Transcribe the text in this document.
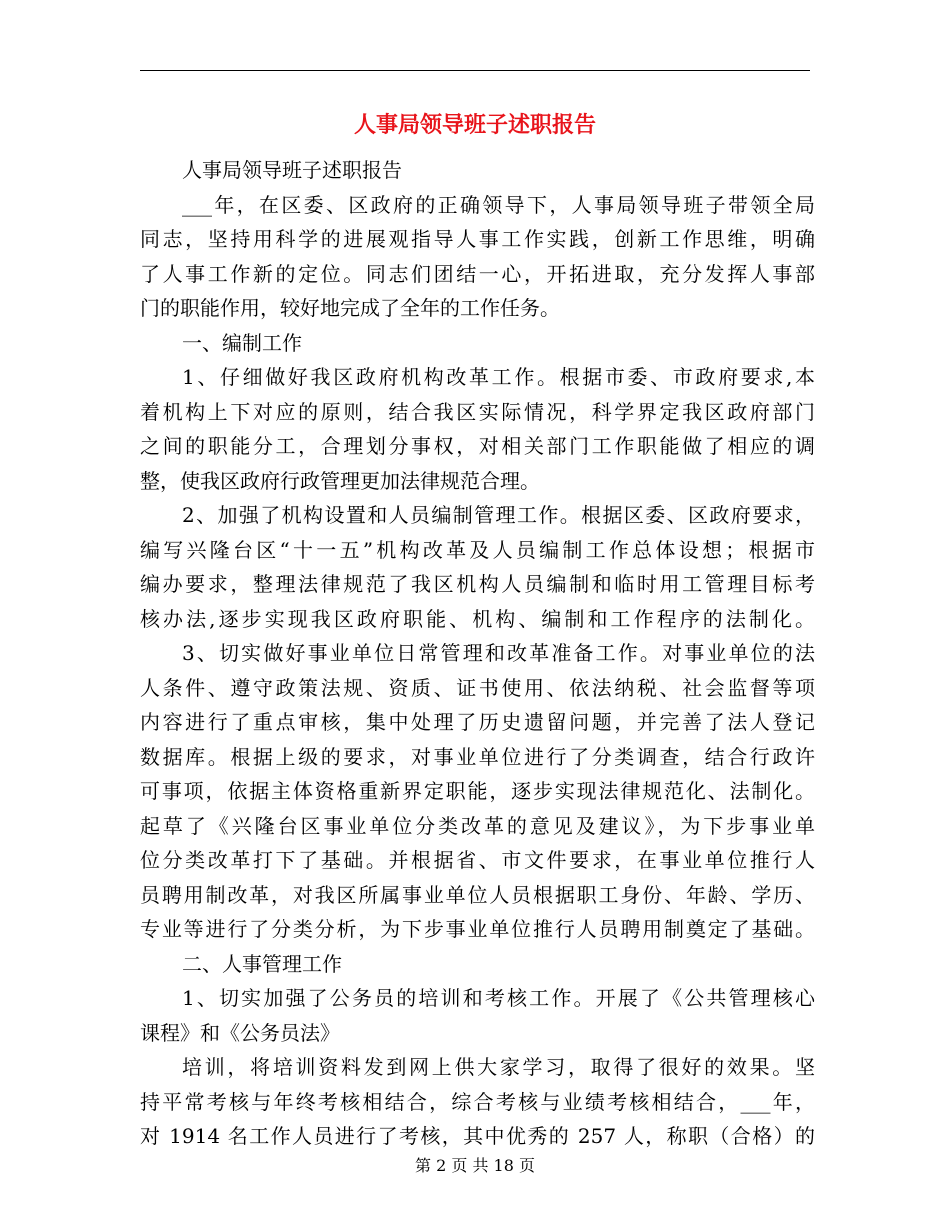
人事局领导班子述职报告
人事局领导班子述职报告
___年，在区委、区政府的正确领导下，人事局领导班子带领全局
同志，坚持用科学的进展观指导人事工作实践，创新工作思维，明确
了人事工作新的定位。同志们团结一心，开拓进取，充分发挥人事部
门的职能作用，较好地完成了全年的工作任务。
一、编制工作
1、仔细做好我区政府机构改革工作。根据市委、市政府要求,本
着机构上下对应的原则，结合我区实际情况，科学界定我区政府部门
之间的职能分工，合理划分事权，对相关部门工作职能做了相应的调
整，使我区政府行政管理更加法律规范合理。
2、加强了机构设置和人员编制管理工作。根据区委、区政府要求，
编写兴隆台区“十一五”机构改革及人员编制工作总体设想；根据市
编办要求，整理法律规范了我区机构人员编制和临时用工管理目标考
核办法,逐步实现我区政府职能、机构、编制和工作程序的法制化。
3、切实做好事业单位日常管理和改革准备工作。对事业单位的法
人条件、遵守政策法规、资质、证书使用、依法纳税、社会监督等项
内容进行了重点审核，集中处理了历史遗留问题，并完善了法人登记
数据库。根据上级的要求，对事业单位进行了分类调查，结合行政许
可事项，依据主体资格重新界定职能，逐步实现法律规范化、法制化。
起草了《兴隆台区事业单位分类改革的意见及建议》，为下步事业单
位分类改革打下了基础。并根据省、市文件要求，在事业单位推行人
员聘用制改革，对我区所属事业单位人员根据职工身份、年龄、学历、
专业等进行了分类分析，为下步事业单位推行人员聘用制奠定了基础。
二、人事管理工作
1、切实加强了公务员的培训和考核工作。开展了《公共管理核心
课程》和《公务员法》
培训，将培训资料发到网上供大家学习，取得了很好的效果。坚
持平常考核与年终考核相结合，综合考核与业绩考核相结合，___年，
对 1914 名工作人员进行了考核，其中优秀的 257 人，称职（合格）的
第 2 页 共 18 页
